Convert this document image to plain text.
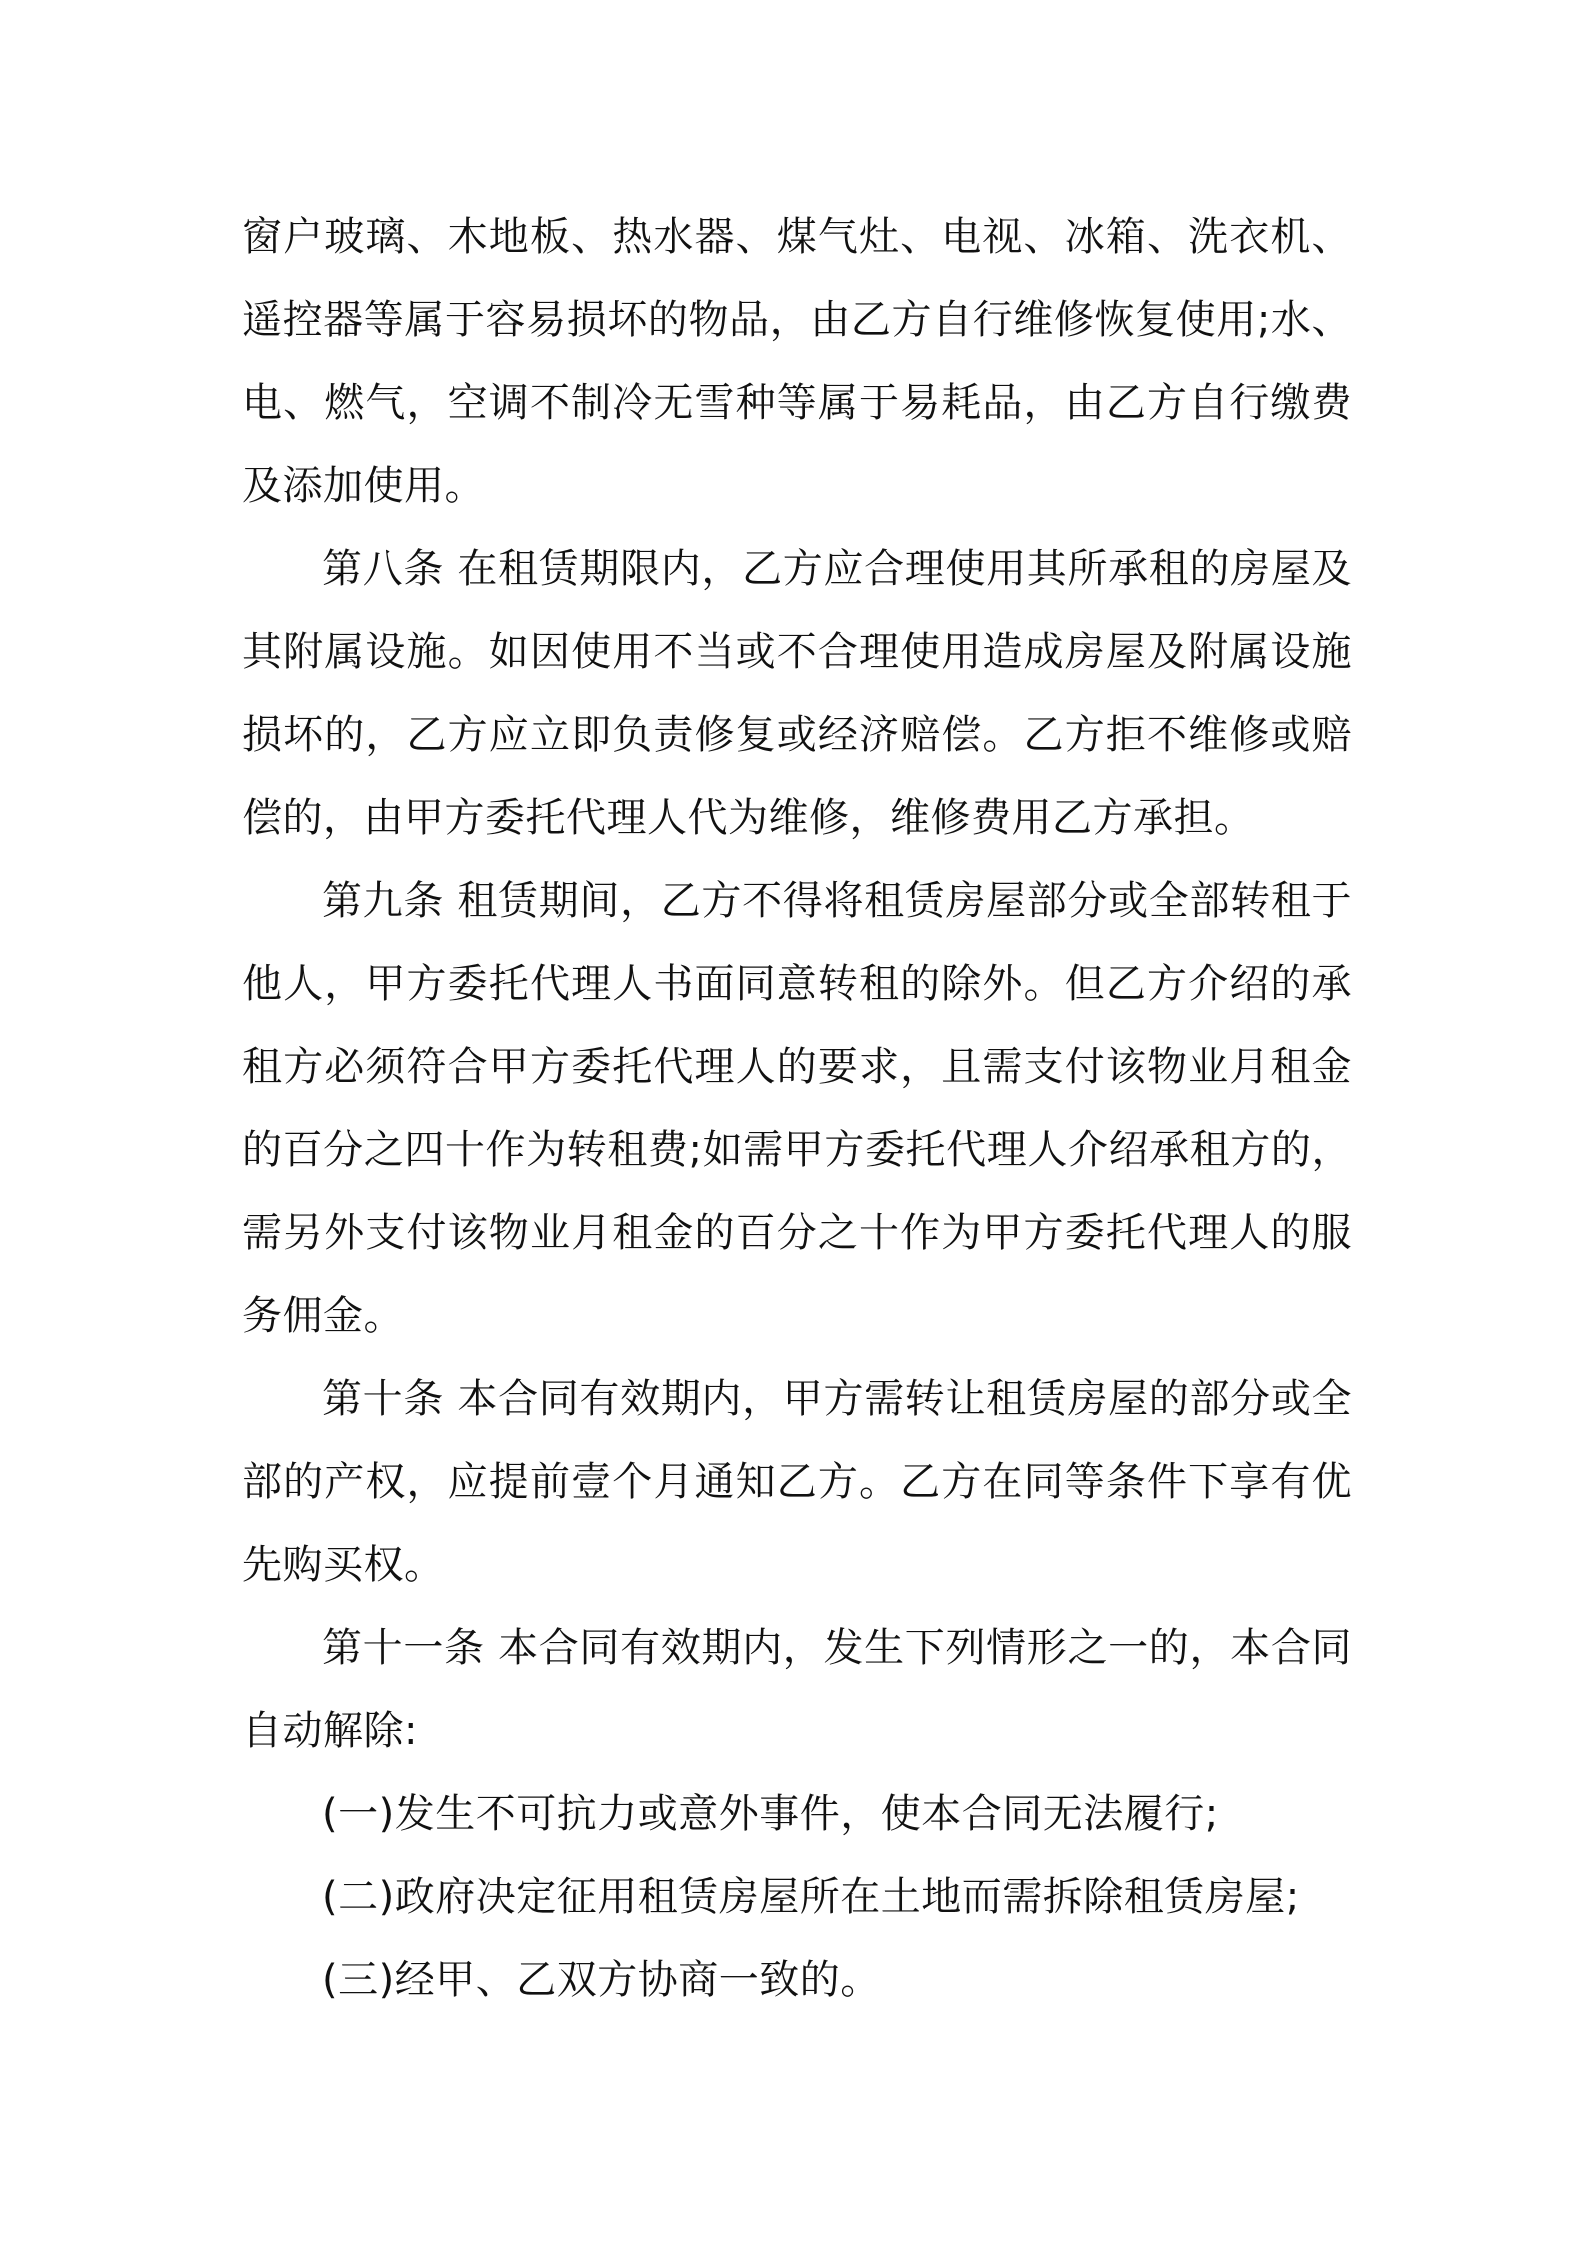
窗户玻璃、木地板、热水器、煤气灶、电视、冰箱、洗衣机、遥控器等属于容易损坏的物品，由乙方自行维修恢复使用;水、电、燃气，空调不制冷无雪种等属于易耗品，由乙方自行缴费及添加使用。

第八条 在租赁期限内，乙方应合理使用其所承租的房屋及其附属设施。如因使用不当或不合理使用造成房屋及附属设施损坏的，乙方应立即负责修复或经济赔偿。乙方拒不维修或赔偿的，由甲方委托代理人代为维修，维修费用乙方承担。

第九条 租赁期间，乙方不得将租赁房屋部分或全部转租于他人，甲方委托代理人书面同意转租的除外。但乙方介绍的承租方必须符合甲方委托代理人的要求，且需支付该物业月租金的百分之四十作为转租费;如需甲方委托代理人介绍承租方的，需另外支付该物业月租金的百分之十作为甲方委托代理人的服务佣金。

第十条 本合同有效期内，甲方需转让租赁房屋的部分或全部的产权，应提前壹个月通知乙方。乙方在同等条件下享有优先购买权。

第十一条 本合同有效期内，发生下列情形之一的，本合同自动解除:

(一)发生不可抗力或意外事件，使本合同无法履行;

(二)政府决定征用租赁房屋所在土地而需拆除租赁房屋;

(三)经甲、乙双方协商一致的。
